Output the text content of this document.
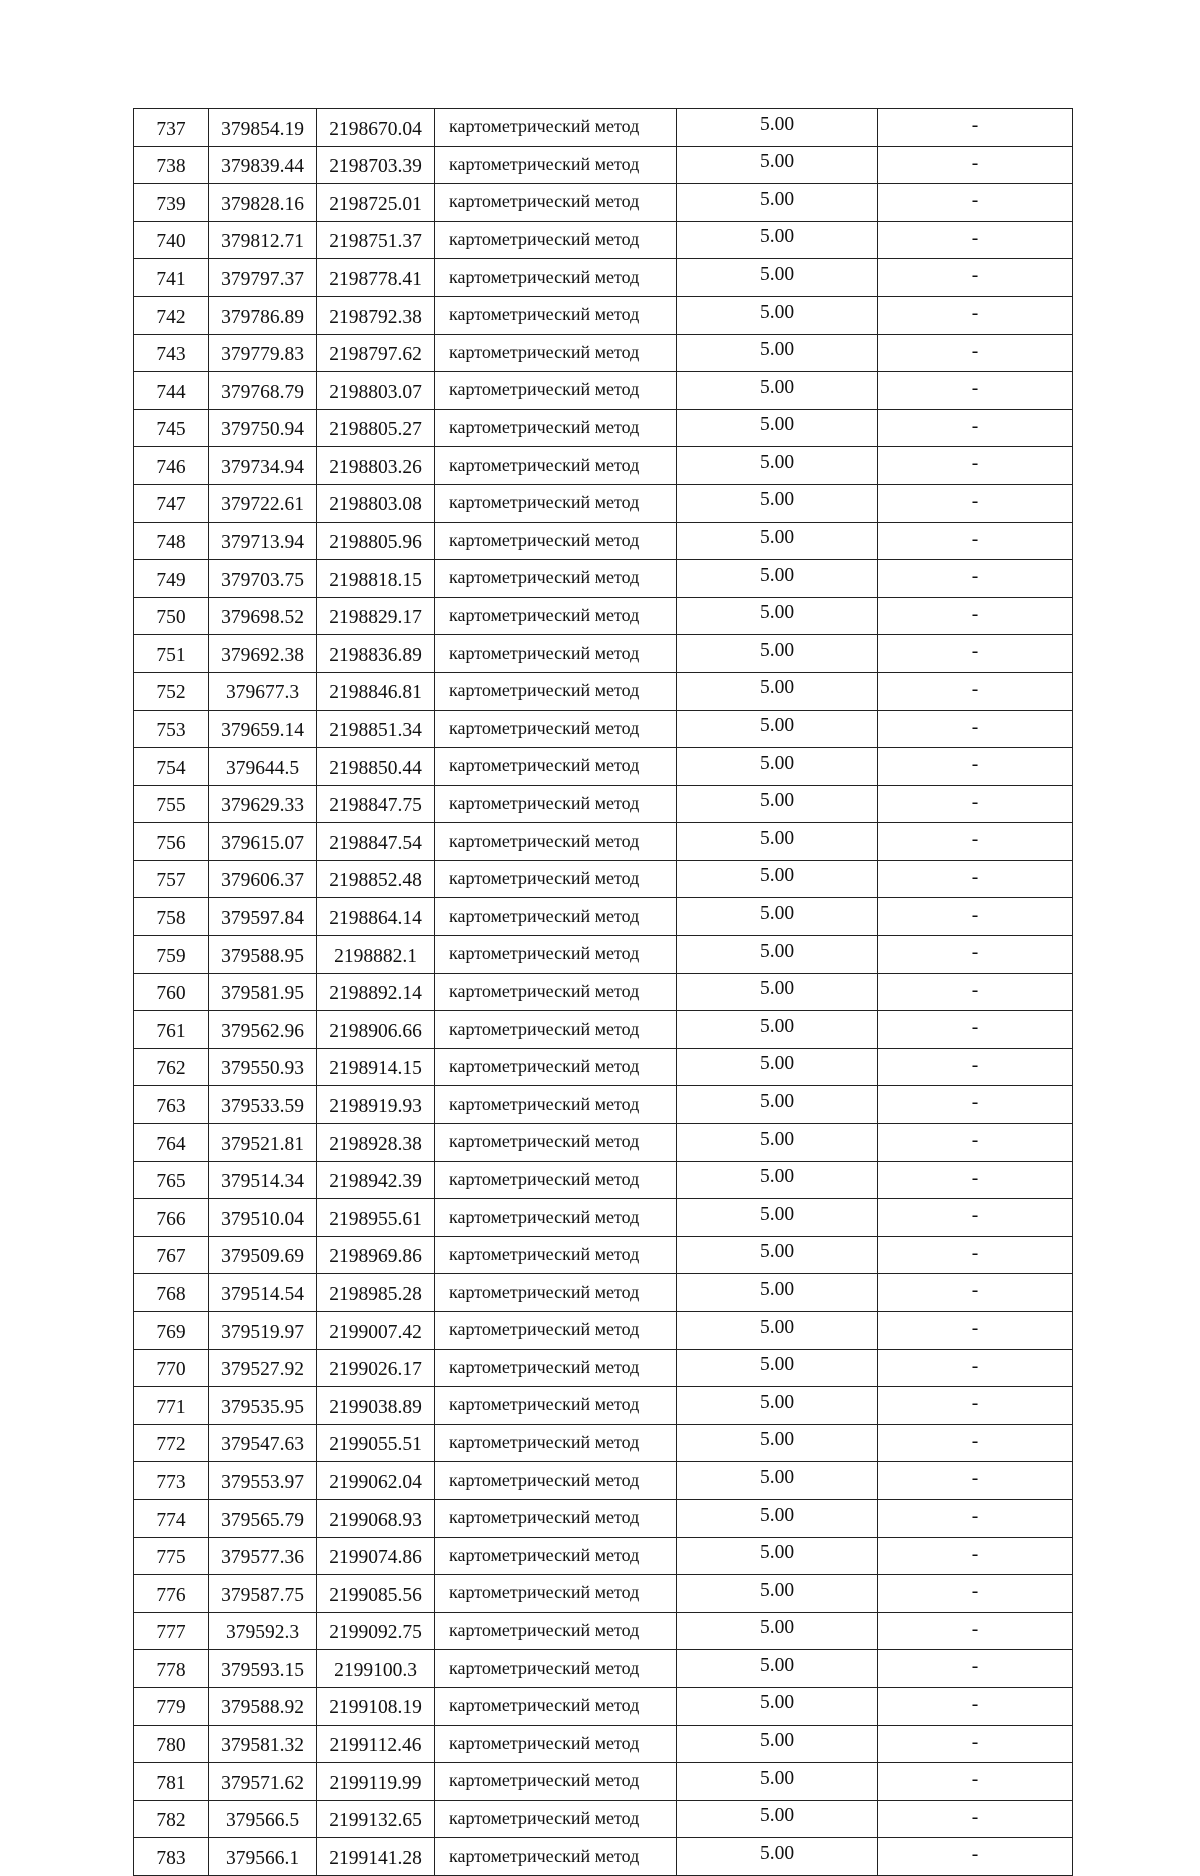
737	379854.19	2198670.04	картометрический метод	5.00	-
738	379839.44	2198703.39	картометрический метод	5.00	-
739	379828.16	2198725.01	картометрический метод	5.00	-
740	379812.71	2198751.37	картометрический метод	5.00	-
741	379797.37	2198778.41	картометрический метод	5.00	-
742	379786.89	2198792.38	картометрический метод	5.00	-
743	379779.83	2198797.62	картометрический метод	5.00	-
744	379768.79	2198803.07	картометрический метод	5.00	-
745	379750.94	2198805.27	картометрический метод	5.00	-
746	379734.94	2198803.26	картометрический метод	5.00	-
747	379722.61	2198803.08	картометрический метод	5.00	-
748	379713.94	2198805.96	картометрический метод	5.00	-
749	379703.75	2198818.15	картометрический метод	5.00	-
750	379698.52	2198829.17	картометрический метод	5.00	-
751	379692.38	2198836.89	картометрический метод	5.00	-
752	379677.3	2198846.81	картометрический метод	5.00	-
753	379659.14	2198851.34	картометрический метод	5.00	-
754	379644.5	2198850.44	картометрический метод	5.00	-
755	379629.33	2198847.75	картометрический метод	5.00	-
756	379615.07	2198847.54	картометрический метод	5.00	-
757	379606.37	2198852.48	картометрический метод	5.00	-
758	379597.84	2198864.14	картометрический метод	5.00	-
759	379588.95	2198882.1	картометрический метод	5.00	-
760	379581.95	2198892.14	картометрический метод	5.00	-
761	379562.96	2198906.66	картометрический метод	5.00	-
762	379550.93	2198914.15	картометрический метод	5.00	-
763	379533.59	2198919.93	картометрический метод	5.00	-
764	379521.81	2198928.38	картометрический метод	5.00	-
765	379514.34	2198942.39	картометрический метод	5.00	-
766	379510.04	2198955.61	картометрический метод	5.00	-
767	379509.69	2198969.86	картометрический метод	5.00	-
768	379514.54	2198985.28	картометрический метод	5.00	-
769	379519.97	2199007.42	картометрический метод	5.00	-
770	379527.92	2199026.17	картометрический метод	5.00	-
771	379535.95	2199038.89	картометрический метод	5.00	-
772	379547.63	2199055.51	картометрический метод	5.00	-
773	379553.97	2199062.04	картометрический метод	5.00	-
774	379565.79	2199068.93	картометрический метод	5.00	-
775	379577.36	2199074.86	картометрический метод	5.00	-
776	379587.75	2199085.56	картометрический метод	5.00	-
777	379592.3	2199092.75	картометрический метод	5.00	-
778	379593.15	2199100.3	картометрический метод	5.00	-
779	379588.92	2199108.19	картометрический метод	5.00	-
780	379581.32	2199112.46	картометрический метод	5.00	-
781	379571.62	2199119.99	картометрический метод	5.00	-
782	379566.5	2199132.65	картометрический метод	5.00	-
783	379566.1	2199141.28	картометрический метод	5.00	-
